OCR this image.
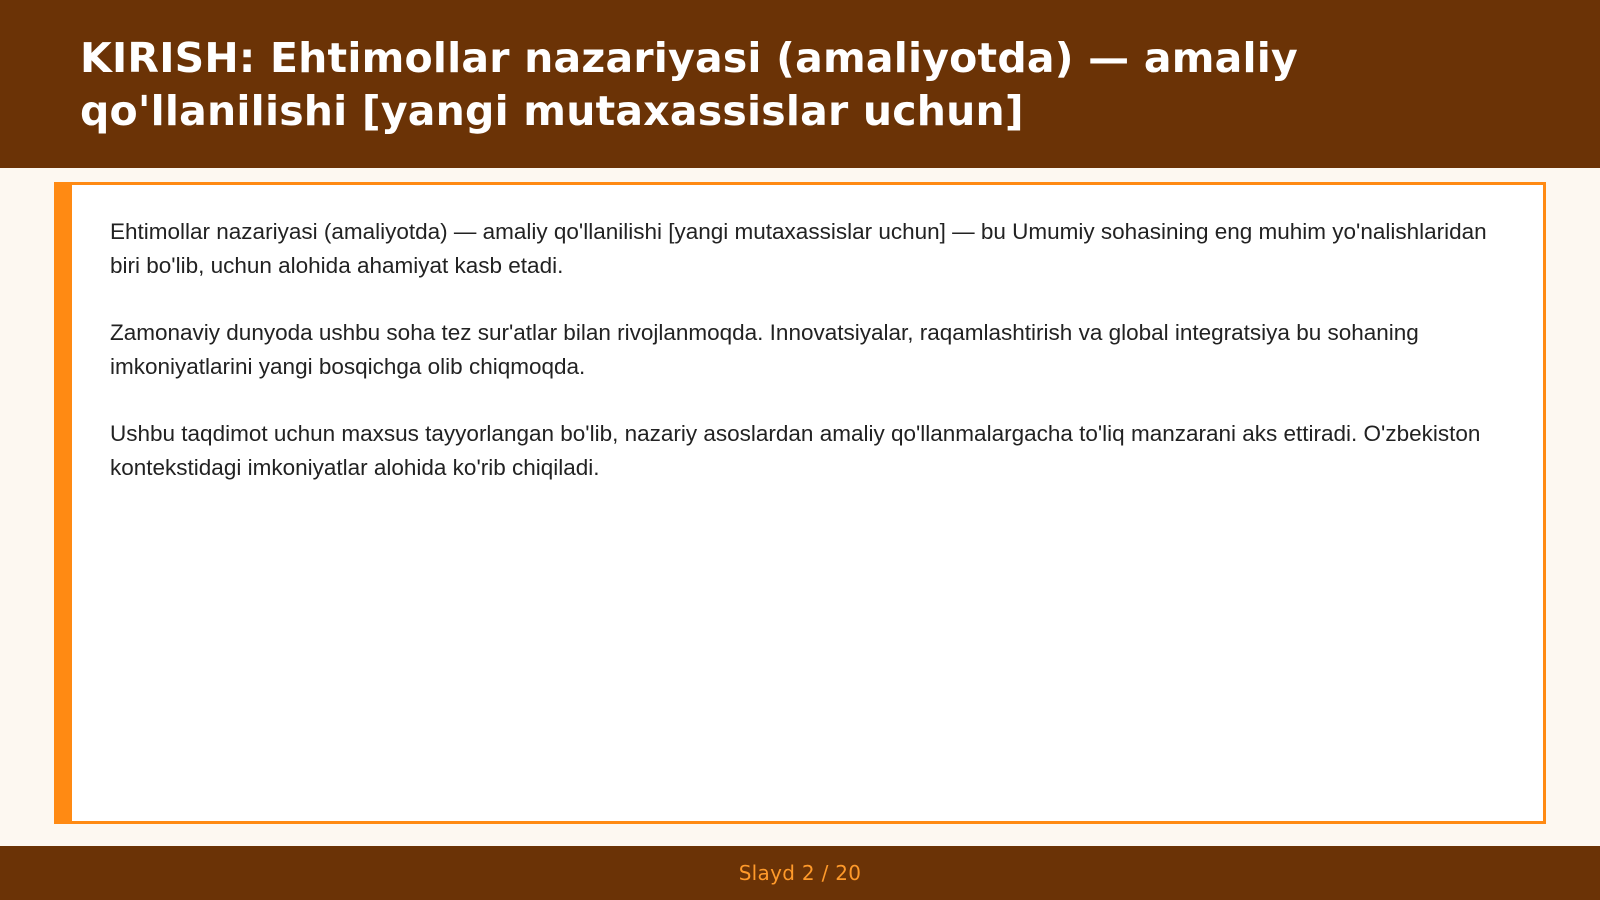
KIRISH: Ehtimollar nazariyasi (amaliyotda) — amaliy qo'llanilishi [yangi mutaxassislar uchun]

Ehtimollar nazariyasi (amaliyotda) — amaliy qo'llanilishi [yangi mutaxassislar uchun] — bu Umumiy sohasining eng muhim yo'nalishlaridan biri bo'lib, uchun alohida ahamiyat kasb etadi.

Zamonaviy dunyoda ushbu soha tez sur'atlar bilan rivojlanmoqda. Innovatsiyalar, raqamlashtirish va global integratsiya bu sohaning imkoniyatlarini yangi bosqichga olib chiqmoqda.

Ushbu taqdimot uchun maxsus tayyorlangan bo'lib, nazariy asoslardan amaliy qo'llanmalargacha to'liq manzarani aks ettiradi. O'zbekiston kontekstidagi imkoniyatlar alohida ko'rib chiqiladi.

Slayd 2 / 20
